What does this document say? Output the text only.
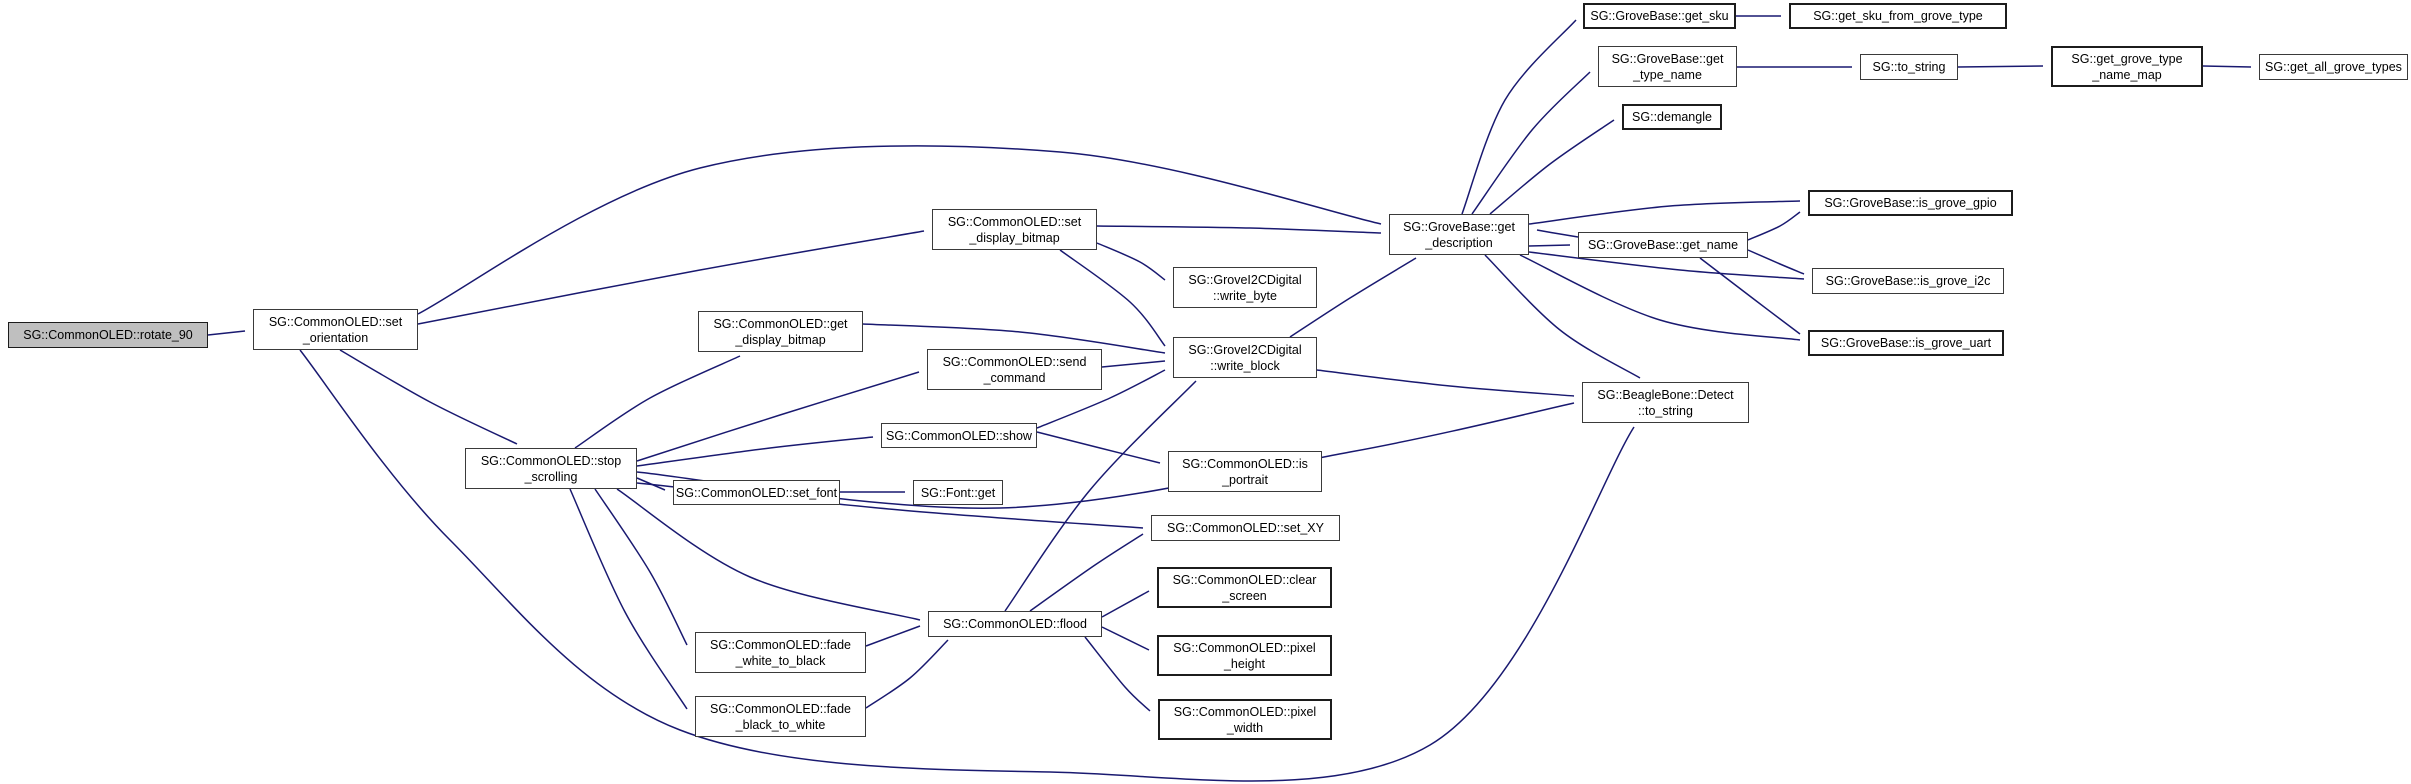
SG::CommonOLED::rotate_90
SG::CommonOLED::set
_orientation
SG::CommonOLED::stop
_scrolling
SG::CommonOLED::get
_display_bitmap
SG::CommonOLED::set_font
SG::CommonOLED::fade
_white_to_black
SG::CommonOLED::fade
_black_to_white
SG::CommonOLED::set
_display_bitmap
SG::CommonOLED::send
_command
SG::CommonOLED::show
SG::Font::get
SG::CommonOLED::flood
SG::GroveI2CDigital
::write_byte
SG::GroveI2CDigital
::write_block
SG::CommonOLED::is
_portrait
SG::CommonOLED::set_XY
SG::CommonOLED::clear
_screen
SG::CommonOLED::pixel
_height
SG::CommonOLED::pixel
_width
SG::GroveBase::get
_description
SG::BeagleBone::Detect
::to_string
SG::GroveBase::get_sku	SG::get_sku_from_grove_type
SG::GroveBase::get
_type_name
SG::to_string
SG::get_grove_type
_name_map
SG::get_all_grove_types
SG::demangle
SG::GroveBase::is_grove_gpio
SG::GroveBase::get_name
SG::GroveBase::is_grove_i2c
SG::GroveBase::is_grove_uart
